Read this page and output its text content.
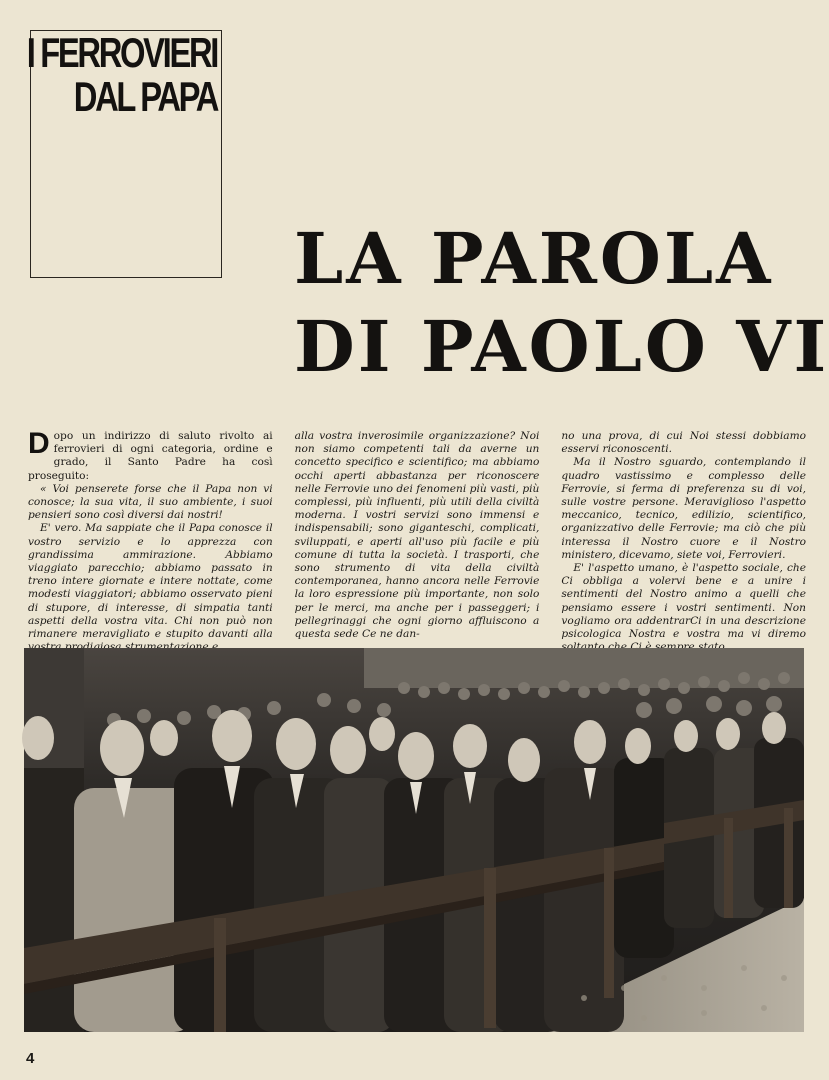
I FERROVIERI
DAL PAPA
LA PAROLA
DI PAOLO VI

Dopo un indirizzo di saluto rivolto ai ferrovieri di ogni categoria, ordine e grado, il Santo Padre ha così proseguito:

« Voi penserete forse che il Papa non vi conosce; la sua vita, il suo ambiente, i suoi pensieri sono così diversi dai nostri!

E' vero. Ma sappiate che il Papa conosce il vostro servizio e lo apprezza con grandissima ammirazione. Abbiamo viaggiato parecchio; abbiamo passato in treno intere giornate e intere nottate, come modesti viaggiatori; abbiamo osservato pieni di stupore, di interesse, di simpatia tanti aspetti della vostra vita. Chi non può non rimanere meravigliato e stupito davanti alla

alla vostra inverosimile organizzazione? Noi non siamo competenti tali da averne un concetto specifico e scientifico; ma abbiamo occhi aperti abbastanza per riconoscere nelle Ferrovie uno dei fenomeni più vasti, più complessi, più influenti, più utili della civiltà moderna. I vostri servizi sono immensi e indispensabili; sono giganteschi, complicati, sviluppati, e aperti all'uso più facile e più comune di tutta la società. I trasporti, che sono strumento di vita della civiltà contemporanea, hanno ancora nelle Ferrovie la loro espressione più importante, non solo per le merci, ma anche per i passeggeri; i pellegrinaggi che ogni giorno affluiscono a questa sede Ce ne dan-

no una prova, di cui Noi stessi dobbiamo esservi riconoscenti.

Ma il Nostro sguardo, contemplando il quadro vastissimo e complesso delle Ferrovie, si ferma di preferenza su di voi, sulle vostre persone. Meraviglioso l'aspetto meccanico, tecnico, edilizio, scientifico, organizzativo delle Ferrovie; ma ciò che più interessa il Nostro cuore e il Nostro ministero, dicevamo, siete voi, Ferrovieri.

E' l'aspetto umano, è l'aspetto sociale, che Ci obbliga a volervi bene e a unire i sentimenti del Nostro animo a quelli che pensiamo essere i vostri sentimenti. Non vogliamo ora addentrarCi in una descrizione psicologica Nostra e vostra ma vi diremo

4
